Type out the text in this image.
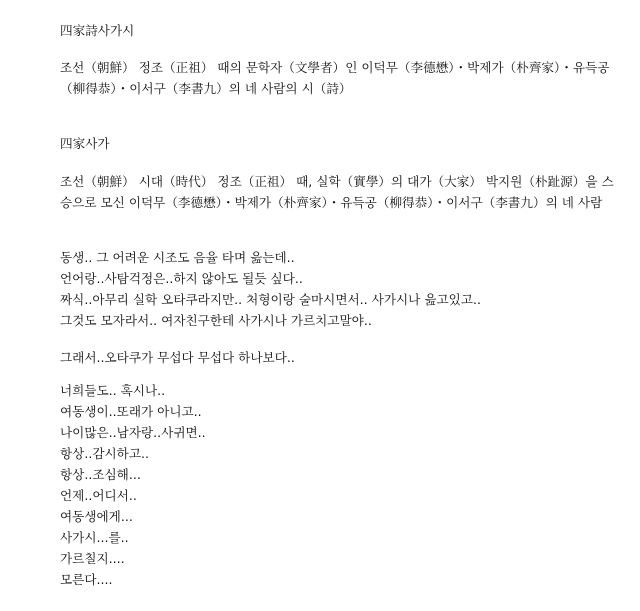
四家詩사가시

조선（朝鮮） 정조（正祖） 때의 문학자（文學者）인 이덕무（李德懋）・박제가（朴齊家）・유득공（柳得恭）・이서구（李書九）의 네 사람의 시（詩）

四家사가

조선（朝鮮） 시대（時代） 정조（正祖） 때, 실학（實學）의 대가（大家） 박지원（朴趾源）을 스승으로 모신 이덕무（李德懋）・박제가（朴齊家）・유득공（柳得恭）・이서구（李書九）의 네 사람

동생.. 그 어려운 시조도 음율 타며 읊는데..

언어랑..사탐걱정은..하지 않아도 될듯 싶다..

짜식..아무리 실학 오타쿠라지만.. 처형이랑 술마시면서.. 사가시나 읊고있고..

그것도 모자라서.. 여자친구한테 사가시나 가르치고말야..

그래서..오타쿠가 무섭다 무섭다 하나보다..

너희들도.. 혹시나..

여동생이..또래가 아니고..

나이많은..남자랑..사귀면..

항상..감시하고..

항상..조심해...

언제..어디서..

여동생에게...

사가시...를..

가르칠지....

모른다....
